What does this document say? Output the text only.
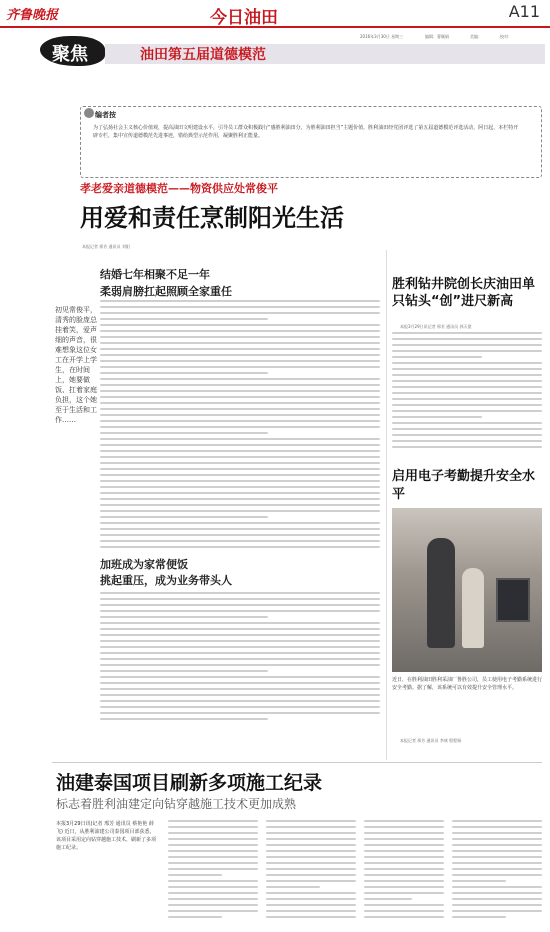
齐鲁晚报	今日油田	A11
聚焦	油田第五届道德模范
2016年3月30日 星期三	编辑：曹颖娟	美编：	校对：
编者按
为了弘扬社会主义核心价值观，提高油田文明建设水平，引导员工群众积极践行“感胜利油田分、为胜利油田担当”主题价值，胜利油田经党团评选了第五届道德模范评选活动，阿日起，本栏特开辟专栏，集中宣传道德模范先进事迹，错给典型示范作用，凝聚胜利正能量。
孝老爱亲道德模范——物资供应处常俊平
用爱和责任烹制阳光生活
本报记者 邢芳 通讯员 刘阳
结婚七年相聚不足一年
柔弱肩膀扛起照顾全家重任
初见常俊平，清秀的脸庞总挂着笑，爱声细的声音，很难想象这位女工在开学上学生，在时间上，她要做饭、扛着家庭负担，这个她至于生活和工作……
加班成为家常便饭
挑起重压，成为业务带头人
胜利钻井院创长庆油田单只钻头“创”进尺新高
本报3月29日讯记者 邢芳 通讯员 郭天望
启用电子考勤提升安全水平
近日，在胜利油田胜利采油厂鲁胜公司，员工使用电子考勤系统进行安全考勤。据了解，该系统可以有效提升安全管理水平。
本报记者 邢芳 通讯员 李康 殷程瑞
油建泰国项目刷新多项施工纪录
标志着胜利油建定向钻穿越施工技术更加成熟
本报3月29日讯(记者 邢芳 通讯员 蔡艳艳 薛飞) 近日，从胜利油建公司泰国项目部获悉，该项目采用定向钻穿越施工技术，刷新了多项施工纪录。
